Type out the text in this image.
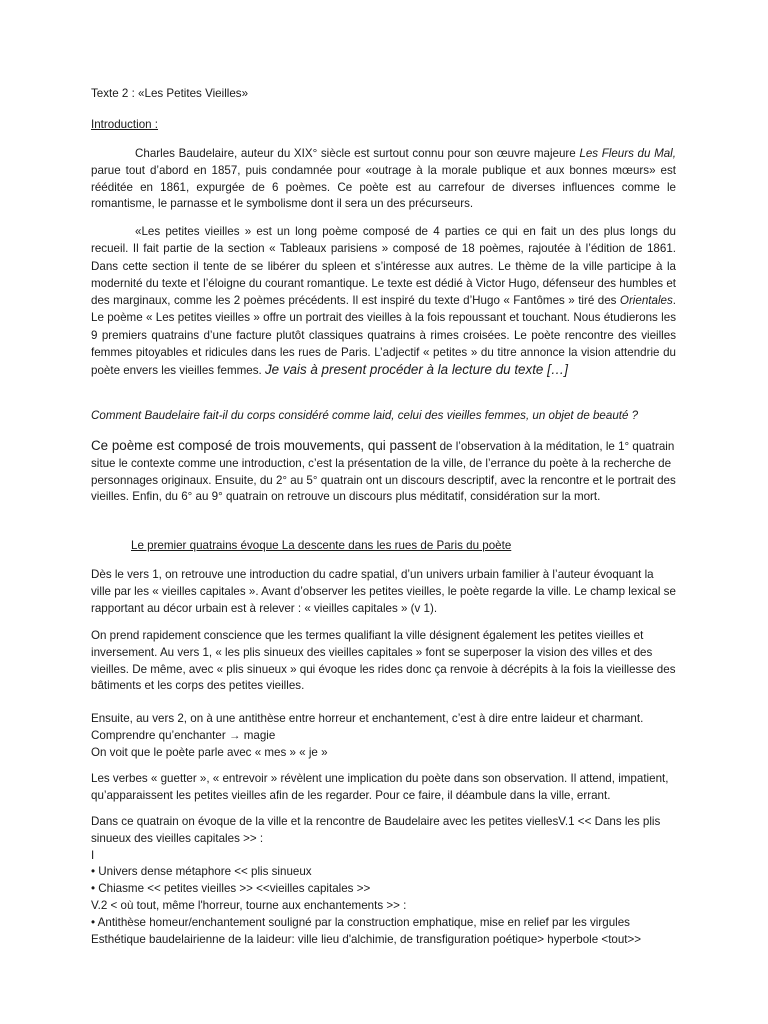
Texte 2 : «Les Petites Vieilles»

Introduction :

Charles Baudelaire, auteur du XIX° siècle est surtout connu pour son œuvre majeure Les Fleurs du Mal, parue tout d’abord en 1857, puis condamnée pour «outrage à la morale publique et aux bonnes mœurs» est rééditée en 1861, expurgée de 6 poèmes. Ce poète est au carrefour de diverses influences comme le romantisme, le parnasse et le symbolisme dont il sera un des précurseurs.

«Les petites vieilles » est un long poème composé de 4 parties ce qui en fait un des plus longs du recueil. Il fait partie de la section « Tableaux parisiens » composé de 18 poèmes, rajoutée à l’édition de 1861. Dans cette section il tente de se libérer du spleen et s’intéresse aux autres. Le thème de la ville participe à la modernité du texte et l’éloigne du courant romantique. Le texte est dédié à Victor Hugo, défenseur des humbles et des marginaux, comme les 2 poèmes précédents. Il est inspiré du texte d’Hugo « Fantômes » tiré des Orientales. Le poème « Les petites vieilles » offre un portrait des vieilles à la fois repoussant et touchant. Nous étudierons les 9 premiers quatrains d’une facture plutôt classiques quatrains à rimes croisées. Le poète rencontre des vieilles femmes pitoyables et ridicules dans les rues de Paris. L’adjectif « petites » du titre annonce la vision attendrie du poète envers les vieilles femmes. Je vais à present procéder à la lecture du texte […]

Comment Baudelaire fait-il du corps considéré comme laid, celui des vieilles femmes, un objet de beauté ?

Ce poème est composé de trois mouvements, qui passent de l’observation à la méditation, le 1° quatrain situe le contexte comme une introduction, c’est la présentation de la ville, de l’errance du poète à la recherche de personnages originaux. Ensuite, du 2° au 5° quatrain ont un discours descriptif, avec la rencontre et le portrait des vieilles. Enfin, du 6° au 9° quatrain on retrouve un discours plus méditatif, considération sur la mort.

Le premier quatrains évoque La descente dans les rues de Paris du poète

Dès le vers 1, on retrouve une introduction du cadre spatial, d’un univers urbain familier à l’auteur évoquant la ville par les « vieilles capitales ». Avant d’observer les petites vieilles, le poète regarde la ville. Le champ lexical se rapportant au décor urbain est à relever : « vieilles capitales » (v 1).

On prend rapidement conscience que les termes qualifiant la ville désignent également les petites vieilles et inversement. Au vers 1, « les plis sinueux des vieilles capitales » font se superposer la vision des villes et des vieilles. De même, avec « plis sinueux » qui évoque les rides donc ça renvoie à décrépits à la fois la vieillesse des bâtiments et les corps des petites vieilles.

Ensuite, au vers 2, on à une antithèse entre horreur et enchantement, c’est à dire entre laideur et charmant.
Comprendre qu’enchanter → magie
On voit que le poète parle avec « mes » « je »

Les verbes « guetter », « entrevoir » révèlent une implication du poète dans son observation. Il attend, impatient, qu’apparaissent les petites vieilles afin de les regarder. Pour ce faire, il déambule dans la ville, errant.

Dans ce quatrain on évoque de la ville et la rencontre de Baudelaire avec les petites viellesV.1 << Dans les plis sinueux des vieilles capitales >> :
I
• Univers dense métaphore << plis sinueux
• Chiasme << petites vieilles >> <<vieilles capitales >>
V.2 < où tout, même l'horreur, tourne aux enchantements >> :
• Antithèse homeur/enchantement souligné par la construction emphatique, mise en relief par les virgules
Esthétique baudelairienne de la laideur: ville lieu d'alchimie, de transfiguration poétique> hyperbole <tout>>
